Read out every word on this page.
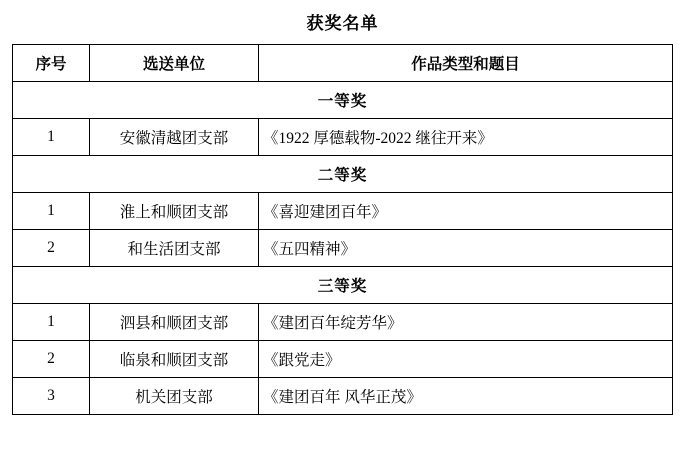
获奖名单
序号	选送单位	作品类型和题目
一等奖		
1	安徽清越团支部	《1922 厚德载物-2022 继往开来》
二等奖		
1	淮上和顺团支部	《喜迎建团百年》
2	和生活团支部	《五四精神》
三等奖		
1	泗县和顺团支部	《建团百年绽芳华》
2	临泉和顺团支部	《跟党走》
3	机关团支部	《建团百年 风华正茂》
